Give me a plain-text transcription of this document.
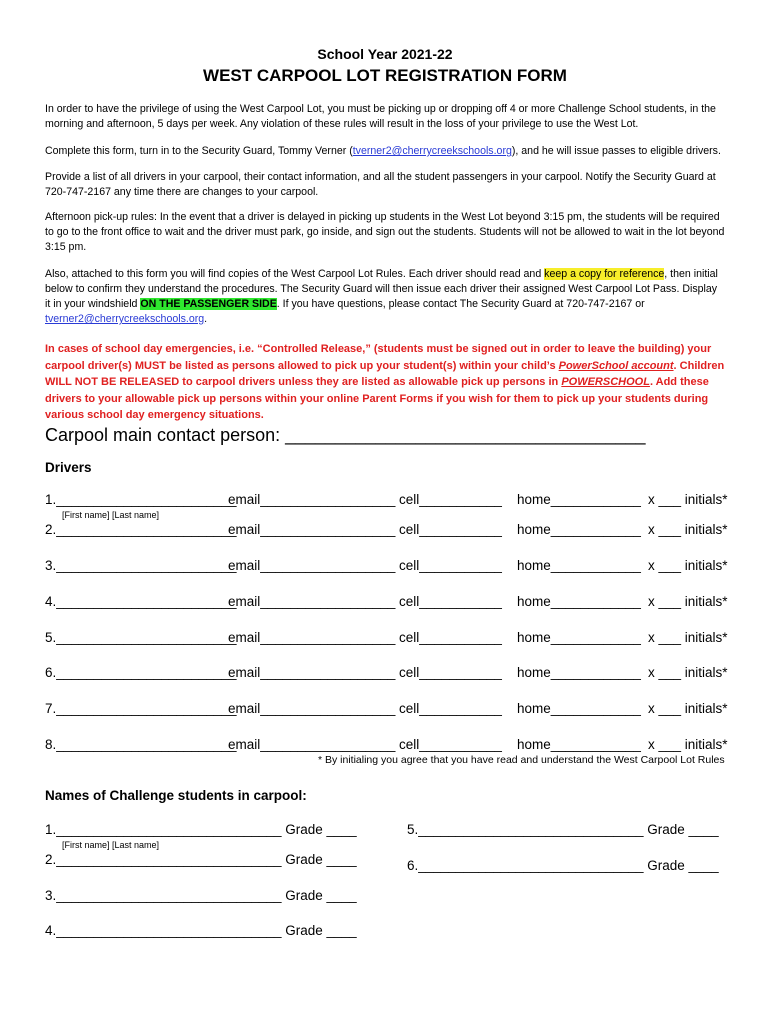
School Year 2021-22
WEST CARPOOL LOT REGISTRATION FORM
In order to have the privilege of using the West Carpool Lot, you must be picking up or dropping off 4 or more Challenge School students, in the morning and afternoon, 5 days per week. Any violation of these rules will result in the loss of your privilege to use the West Lot.
Complete this form, turn in to the Security Guard, Tommy Verner (tverner2@cherrycreekschools.org), and he will issue passes to eligible drivers.
Provide a list of all drivers in your carpool, their contact information, and all the student passengers in your carpool. Notify the Security Guard at 720-747-2167 any time there are changes to your carpool.
Afternoon pick-up rules: In the event that a driver is delayed in picking up students in the West Lot beyond 3:15 pm, the students will be required to go to the front office to wait and the driver must park, go inside, and sign out the students. Students will not be allowed to wait in the lot beyond 3:15 pm.
Also, attached to this form you will find copies of the West Carpool Lot Rules. Each driver should read and keep a copy for reference, then initial below to confirm they understand the procedures. The Security Guard will then issue each driver their assigned West Carpool Lot Pass. Display it in your windshield ON THE PASSENGER SIDE. If you have questions, please contact The Security Guard at 720-747-2167 or tverner2@cherrycreekschools.org.
In cases of school day emergencies, i.e. “Controlled Release,” (students must be signed out in order to leave the building) your carpool driver(s) MUST be listed as persons allowed to pick up your student(s) within your child’s PowerSchool account. Children WILL NOT BE RELEASED to carpool drivers unless they are listed as allowable pick up persons in POWERSCHOOL. Add these drivers to your allowable pick up persons within your online Parent Forms if you wish for them to pick up your students during various school day emergency situations.
Carpool main contact person: ____________________________________
Drivers
1.________________________
email__________________ cell___________ home____________ x ___ initials*
[First name] [Last name]
2.________________________
email__________________ cell___________ home____________ x ___ initials*
3.________________________
email__________________ cell___________ home____________ x ___ initials*
4.________________________
email__________________ cell___________ home____________ x ___ initials*
5.________________________
email__________________ cell___________ home____________ x ___ initials*
6.________________________
email__________________ cell___________ home____________ x ___ initials*
7.________________________
email__________________ cell___________ home____________ x ___ initials*
8.________________________
email__________________ cell___________ home____________ x ___ initials*
* By initialing you agree that you have read and understand the West Carpool Lot Rules
Names of Challenge students in carpool:
1.______________________________ Grade ____
[First name] [Last name]
2.______________________________ Grade ____
3.______________________________ Grade ____
4.______________________________ Grade ____
5.______________________________ Grade ____
6.______________________________ Grade ____
